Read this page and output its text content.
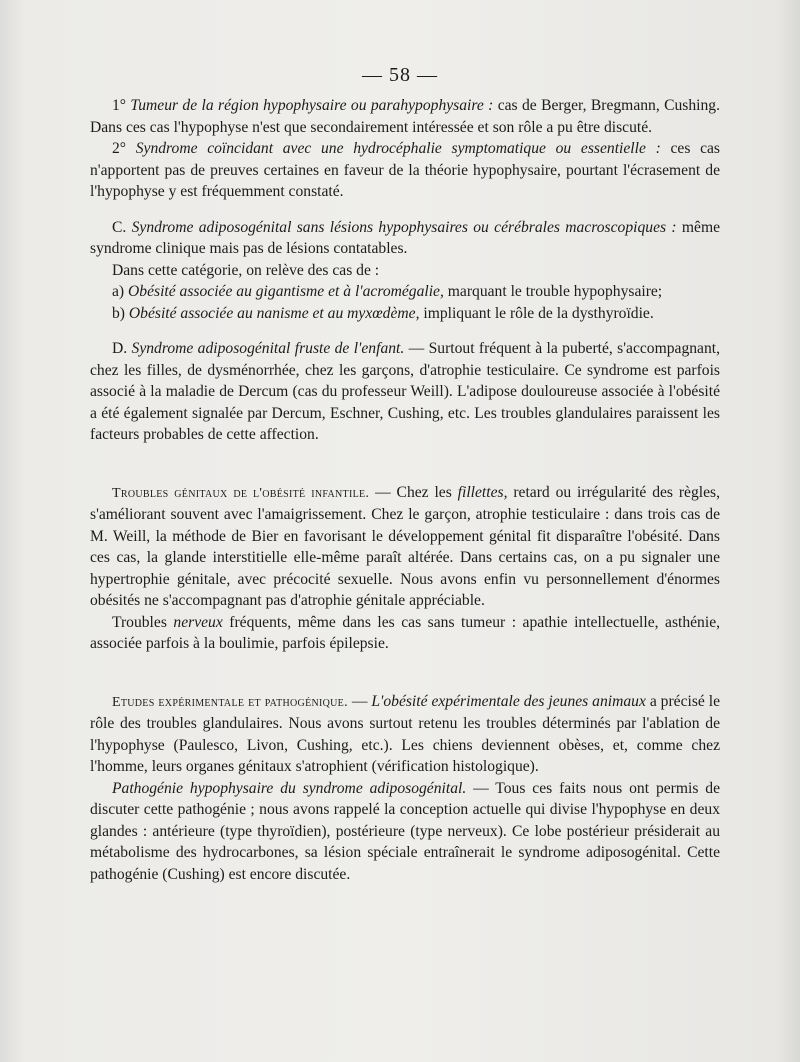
— 58 —

1° Tumeur de la région hypophysaire ou parahypophysaire : cas de Berger, Bregmann, Cushing. Dans ces cas l'hypophyse n'est que secondairement intéressée et son rôle a pu être discuté.

2° Syndrome coïncidant avec une hydrocéphalie symptomatique ou essentielle : ces cas n'apportent pas de preuves certaines en faveur de la théorie hypophysaire, pourtant l'écrasement de l'hypophyse y est fréquemment constaté.

C. Syndrome adiposogénital sans lésions hypophysaires ou cérébrales macroscopiques : même syndrome clinique mais pas de lésions contatables.

Dans cette catégorie, on relève des cas de :

a) Obésité associée au gigantisme et à l'acromégalie, marquant le trouble hypophysaire;

b) Obésité associée au nanisme et au myxœdème, impliquant le rôle de la dysthyroïdie.

D. Syndrome adiposogénital fruste de l'enfant. — Surtout fréquent à la puberté, s'accompagnant, chez les filles, de dysménorrhée, chez les garçons, d'atrophie testiculaire. Ce syndrome est parfois associé à la maladie de Dercum (cas du professeur Weill). L'adipose douloureuse associée à l'obésité a été également signalée par Dercum, Eschner, Cushing, etc. Les troubles glandulaires paraissent les facteurs probables de cette affection.

Troubles génitaux de l'obésité infantile. — Chez les fillettes, retard ou irrégularité des règles, s'améliorant souvent avec l'amaigrissement. Chez le garçon, atrophie testiculaire : dans trois cas de M. Weill, la méthode de Bier en favorisant le développement génital fit disparaître l'obésité. Dans ces cas, la glande interstitielle elle-même paraît altérée. Dans certains cas, on a pu signaler une hypertrophie génitale, avec précocité sexuelle. Nous avons enfin vu personnellement d'énormes obésités ne s'accompagnant pas d'atrophie génitale appréciable.

Troubles nerveux fréquents, même dans les cas sans tumeur : apathie intellectuelle, asthénie, associée parfois à la boulimie, parfois épilepsie.

Etudes expérimentale et pathogénique. — L'obésité expérimentale des jeunes animaux a précisé le rôle des troubles glandulaires. Nous avons surtout retenu les troubles déterminés par l'ablation de l'hypophyse (Paulesco, Livon, Cushing, etc.). Les chiens deviennent obèses, et, comme chez l'homme, leurs organes génitaux s'atrophient (vérification histologique).

Pathogénie hypophysaire du syndrome adiposogénital. — Tous ces faits nous ont permis de discuter cette pathogénie ; nous avons rappelé la conception actuelle qui divise l'hypophyse en deux glandes : antérieure (type thyroïdien), postérieure (type nerveux). Ce lobe postérieur présiderait au métabolisme des hydrocarbones, sa lésion spéciale entraînerait le syndrome adiposogénital. Cette pathogénie (Cushing) est encore discutée.
